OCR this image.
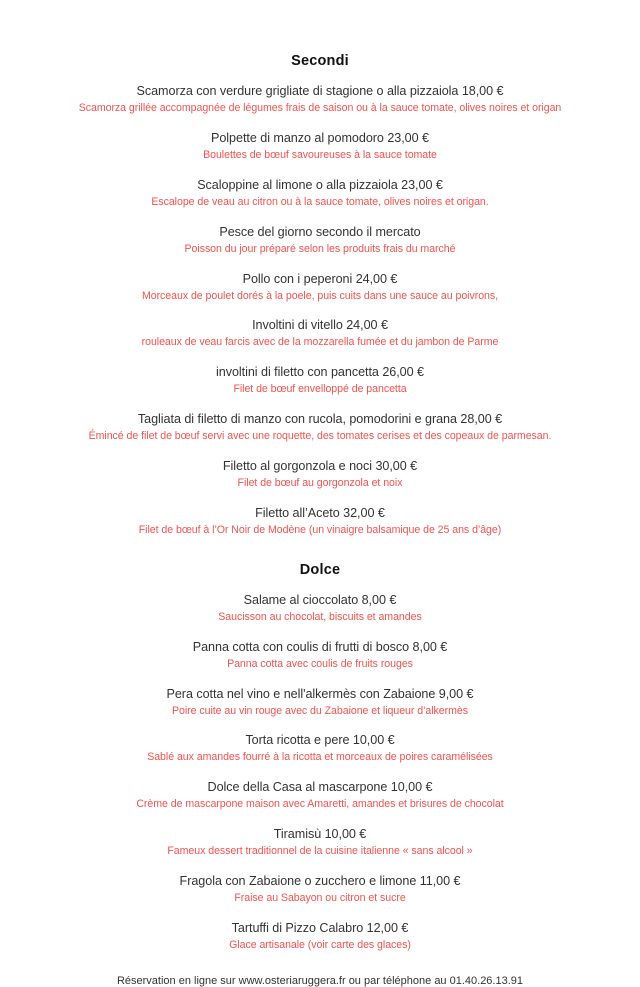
Secondi
Scamorza con verdure grigliate di stagione o alla pizzaiola 18,00 €
Scamorza grillée accompagnée de légumes frais de saison ou à la sauce tomate, olives noires et origan
Polpette di manzo al pomodoro 23,00 €
Boulettes de bœuf savoureuses à la sauce tomate
Scaloppine al limone o alla pizzaiola 23,00 €
Escalope de veau au citron ou à la sauce tomate, olives noires et origan.
Pesce del giorno secondo il mercato
Poisson du jour préparé selon les produits frais du marché
Pollo con i peperoni 24,00 €
Morceaux de poulet dorés à la poele, puis cuits dans une sauce au poivrons,
Involtini di vitello 24,00 €
rouleaux de veau farcis avec de la mozzarella fumée et du jambon de Parme
involtini di filetto con pancetta 26,00 €
Filet de bœuf envelloppé de pancetta
Tagliata di filetto di manzo con rucola, pomodorini e grana 28,00 €
Émincé de filet de bœuf servi avec une roquette, des tomates cerises et des copeaux de parmesan.
Filetto al gorgonzola e noci 30,00 €
Filet de bœuf au gorgonzola et noix
Filetto all’Aceto 32,00 €
Filet de bœuf à l’Or Noir de Modène (un vinaigre balsamique de 25 ans d’âge)
Dolce
Salame al cioccolato 8,00 €
Saucisson au chocolat, biscuits et amandes
Panna cotta con coulis di frutti di bosco 8,00 €
Panna cotta avec coulis de fruits rouges
Pera cotta nel vino e nell'alkermès con Zabaione 9,00 €
Poire cuite au vin rouge avec du Zabaione et liqueur d’alkermès
Torta ricotta e pere 10,00 €
Sablé aux amandes fourré à la ricotta et morceaux de poires caramélisées
Dolce della Casa al mascarpone 10,00 €
Crème de mascarpone maison avec Amaretti, amandes et brisures de chocolat
Tiramisù 10,00 €
Fameux dessert traditionnel de la cuisine italienne « sans alcool »
Fragola con Zabaione o zucchero e limone 11,00 €
Fraise au Sabayon ou citron et sucre
Tartuffi di Pizzo Calabro 12,00 €
Glace artisanale (voir carte des glaces)
Réservation en ligne sur www.osteriaruggera.fr ou par téléphone au 01.40.26.13.91
